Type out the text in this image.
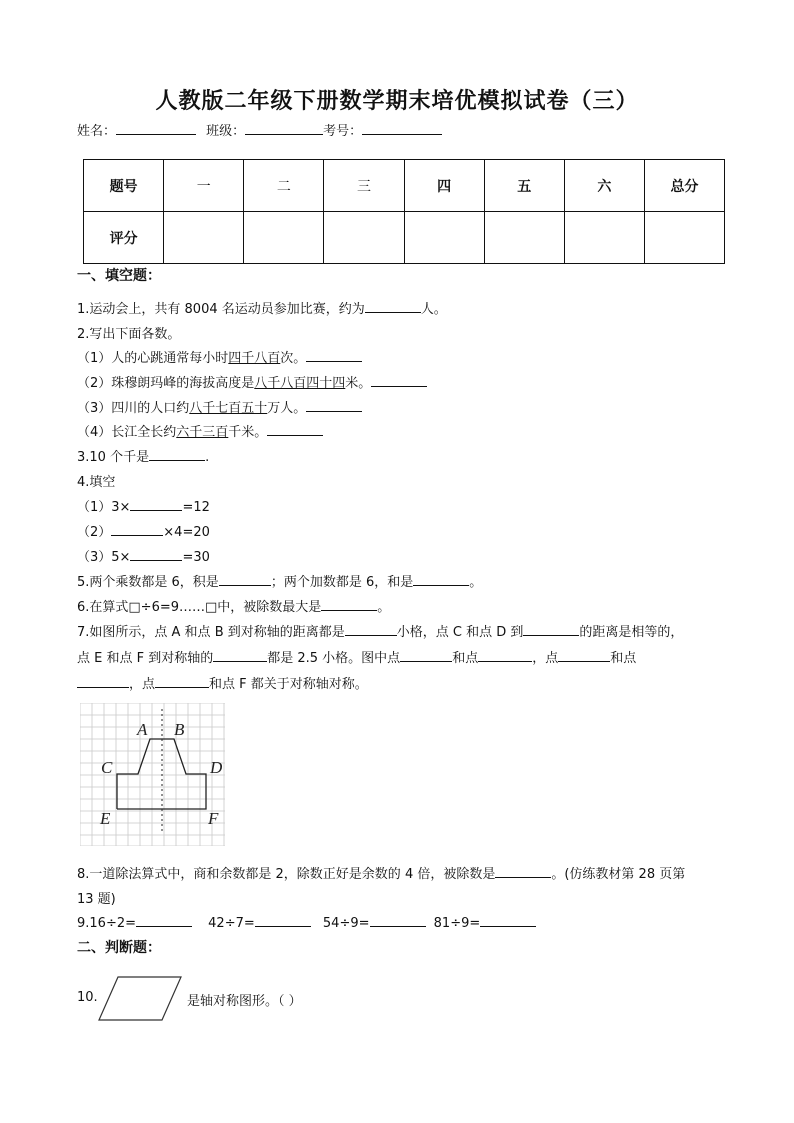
人教版二年级下册数学期末培优模拟试卷（三）
姓名：	班级：	考号：
题号	一	二	三	四	五	六	总分
评分							
一、填空题：
1.运动会上，共有 8004 名运动员参加比赛，约为	人。
2.写出下面各数。
（1）人的心跳通常每小时四千八百次。
（2）珠穆朗玛峰的海拔高度是八千八百四十四米。
（3）四川的人口约八千七百五十万人。
（4）长江全长约六千三百千米。
3.10 个千是	.
4.填空
（1）3×	=12
（2）	×4=20
（3）5×	=30
5.两个乘数都是 6，积是	；两个加数都是 6，和是	。
6.在算式□÷6=9……□中，被除数最大是	。
7.如图所示，点 A 和点 B 到对称轴的距离都是	小格，点 C 和点 D 到	的距离是相等的，
点 E 和点 F 到对称轴的	都是 2.5 小格。图中点	和点	，点	和点
，点	和点 F 都关于对称轴对称。
A B
C	D
E	F
8.一道除法算式中，商和余数都是 2，除数正好是余数的 4 倍，被除数是	。(仿练教材第 28 页第
13 题)
9.16÷2=	42÷7=	54÷9=	81÷9=
二、判断题：
10.	是轴对称图形。（ ）
